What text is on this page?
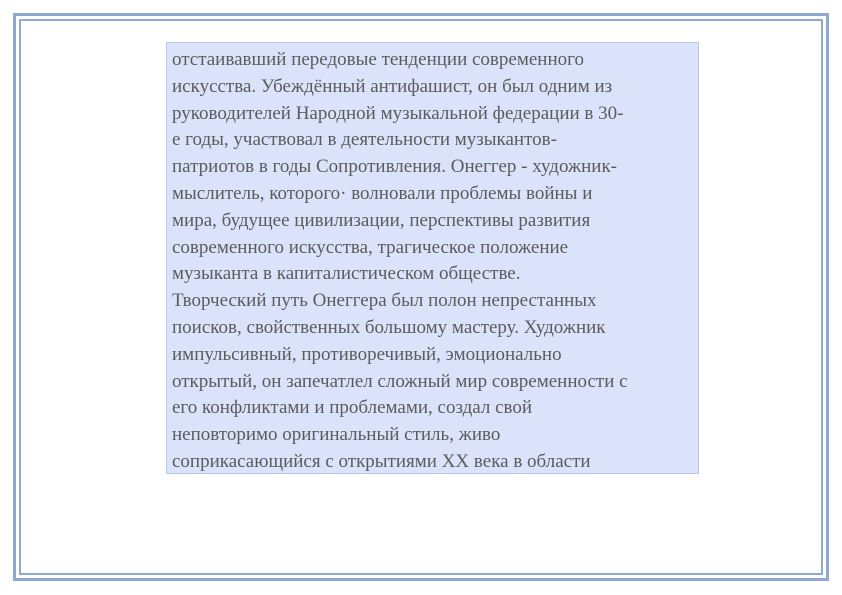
отстаивавший передовые тенденции современного
искусства. Убеждённый антифашист, он был одним из
руководителей Народной музыкальной федерации в 30-
е годы, участвовал в деятельности музыкантов-
патриотов в годы Сопротивления. Онеггер - художник-
мыслитель, которого· волновали проблемы войны и
мира, будущее цивилизации, перспективы развития
современного искусства, трагическое положение
музыканта в капиталистическом обществе.
Творческий путь Онеггера был полон непрестанных
поисков, свойственных большому мастеру. Художник
импульсивный, противоречивый, эмоционально
открытый, он запечатлел сложный мир современности с
его конфликтами и проблемами, создал свой
неповторимо оригинальный стиль, живо
соприкасающийся с открытиями XX века в области
